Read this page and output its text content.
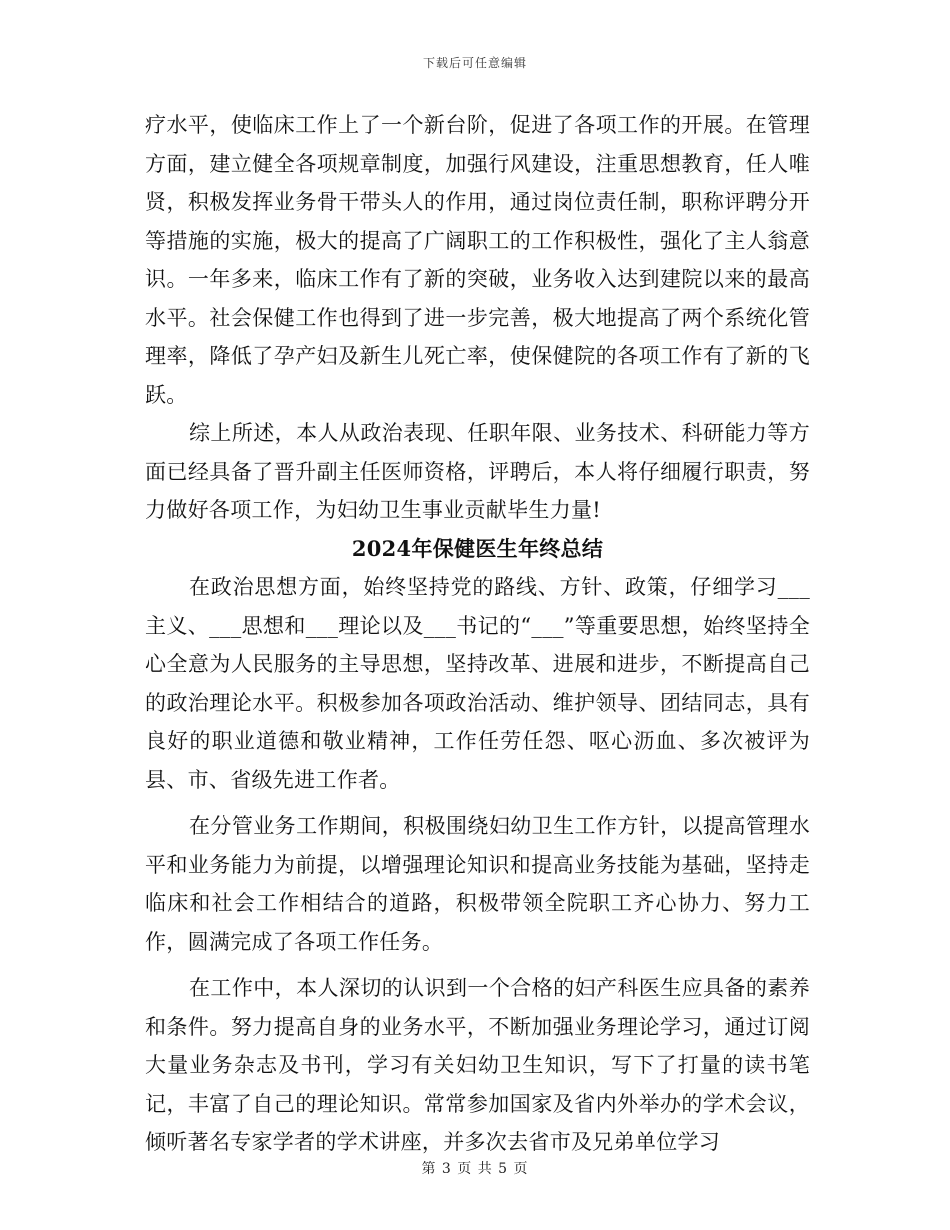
下载后可任意编辑

疗水平，使临床工作上了一个新台阶，促进了各项工作的开展。在管理方面，建立健全各项规章制度，加强行风建设，注重思想教育，任人唯贤，积极发挥业务骨干带头人的作用，通过岗位责任制，职称评聘分开等措施的实施，极大的提高了广阔职工的工作积极性，强化了主人翁意识。一年多来，临床工作有了新的突破，业务收入达到建院以来的最高水平。社会保健工作也得到了进一步完善，极大地提高了两个系统化管理率，降低了孕产妇及新生儿死亡率，使保健院的各项工作有了新的飞跃。

综上所述，本人从政治表现、任职年限、业务技术、科研能力等方面已经具备了晋升副主任医师资格，评聘后，本人将仔细履行职责，努力做好各项工作，为妇幼卫生事业贡献毕生力量!

2024年保健医生年终总结

在政治思想方面，始终坚持党的路线、方针、政策，仔细学习___主义、___思想和___理论以及___书记的“___”等重要思想，始终坚持全心全意为人民服务的主导思想，坚持改革、进展和进步，不断提高自己的政治理论水平。积极参加各项政治活动、维护领导、团结同志，具有良好的职业道德和敬业精神，工作任劳任怨、呕心沥血、多次被评为县、市、省级先进工作者。

在分管业务工作期间，积极围绕妇幼卫生工作方针，以提高管理水平和业务能力为前提，以增强理论知识和提高业务技能为基础，坚持走临床和社会工作相结合的道路，积极带领全院职工齐心协力、努力工作，圆满完成了各项工作任务。

在工作中，本人深切的认识到一个合格的妇产科医生应具备的素养和条件。努力提高自身的业务水平，不断加强业务理论学习，通过订阅大量业务杂志及书刊，学习有关妇幼卫生知识，写下了打量的读书笔记，丰富了自己的理论知识。常常参加国家及省内外举办的学术会议，倾听著名专家学者的学术讲座，并多次去省市及兄弟单位学习

第 3 页 共 5 页
